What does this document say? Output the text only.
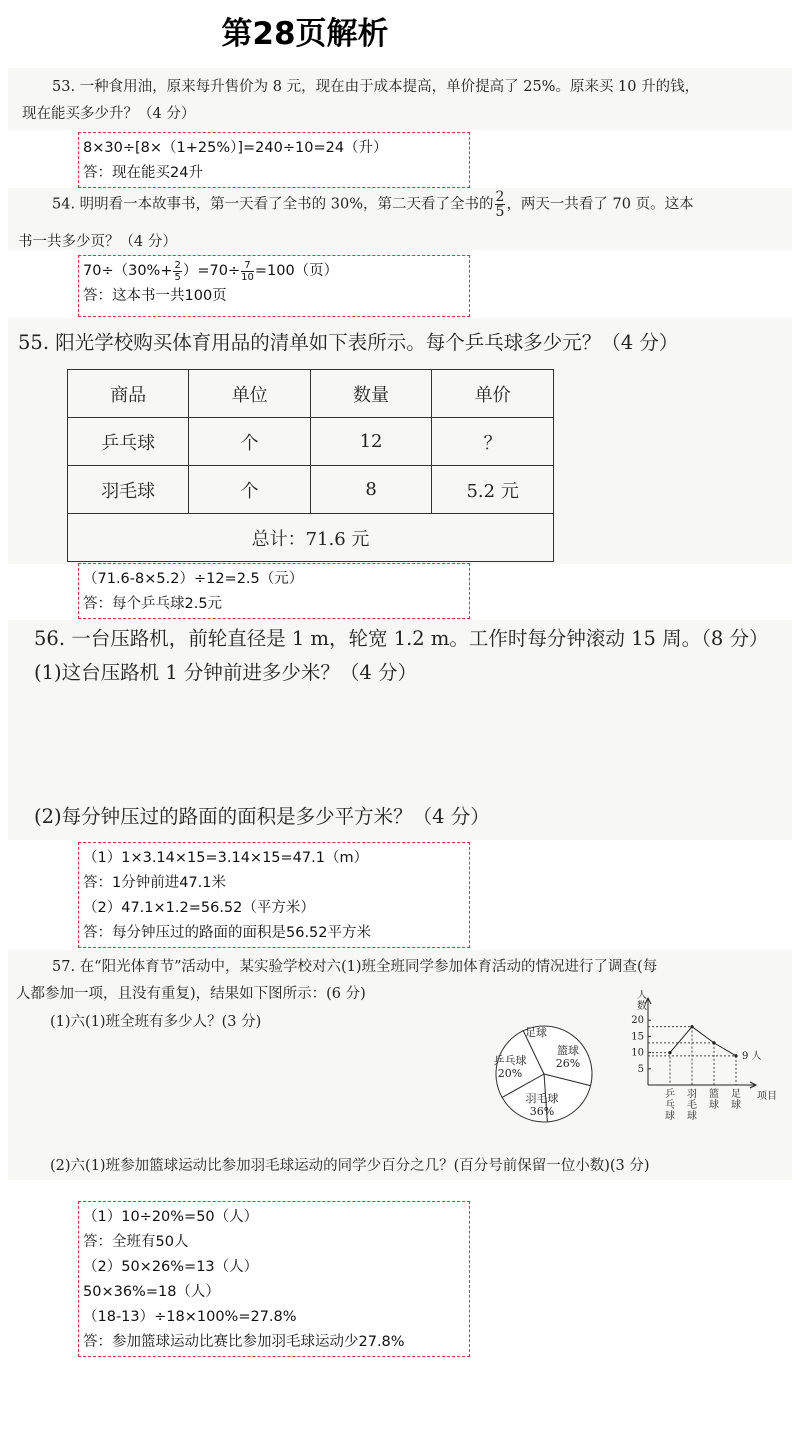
第28页解析
53. 一种食用油，原来每升售价为 8 元，现在由于成本提高，单价提高了 25%。原来买 10 升的钱，
现在能买多少升？（4 分）
8×30÷[8×（1+25%）]=240÷10=24（升）
答：现在能买24升
54. 明明看一本故事书，第一天看了全书的 30%，第二天看了全书的 $\frac{2}{5}$ ，两天一共看了 70 页。这本
书一共多少页？（4 分）
$70\div(30\%+ \frac{2}{5} )=70\div \frac{7}{10} =100$（页）
答：这本书一共100页
55. 阳光学校购买体育用品的清单如下表所示。每个乒乓球多少元？（4 分）
商品	单位	数量	单价
乒乓球	个	12	？
羽毛球	个	8	5.2 元
总计：71.6 元			
（71.6-8×5.2）÷12=2.5（元）
答：每个乒乓球2.5元
56. 一台压路机，前轮直径是 1 m，轮宽 1.2 m。工作时每分钟滚动 15 周。（8 分）
(1)这台压路机 1 分钟前进多少米？（4 分）
(2)每分钟压过的路面的面积是多少平方米？（4 分）
（1）1×3.14×15=3.14×15=47.1（m）
答：1分钟前进47.1米
（2）47.1×1.2=56.52（平方米）
答：每分钟压过的路面的面积是56.52平方米
57. 在“阳光体育节”活动中，某实验学校对六(1)班全班同学参加体育活动的情况进行了调查(每
人都参加一项，且没有重复)，结果如下图所示：(6 分)
(1)六(1)班全班有多少人？(3 分)
乒乓球
20%
足球
篮球
26%
羽毛球
36%
人
数
5
10
15
20
9 人
乒
乓
球
羽
毛
球
篮
球
足
球
项目
(2)六(1)班参加篮球运动比参加羽毛球运动的同学少百分之几？(百分号前保留一位小数)(3 分)
（1）10÷20%=50（人）
答：全班有50人
（2）50×26%=13（人）
50×36%=18（人）
（18-13）÷18×100%=27.8%
答：参加篮球运动比赛比参加羽毛球运动少27.8%
